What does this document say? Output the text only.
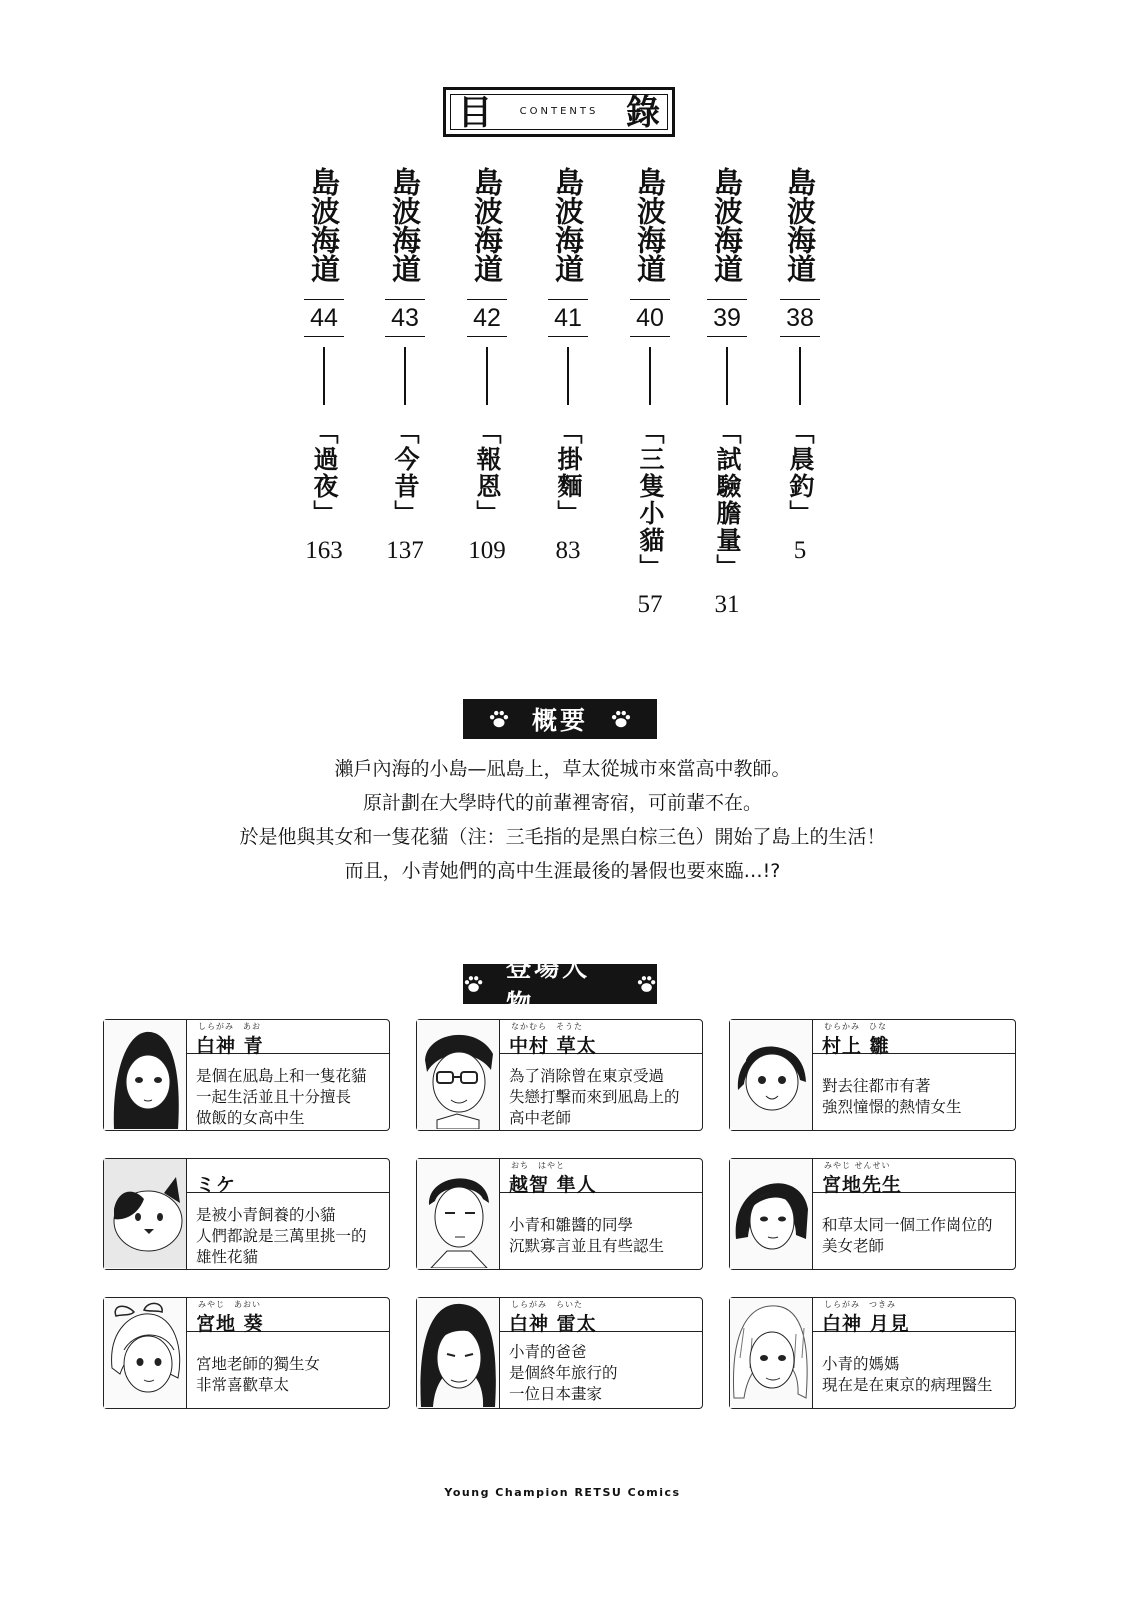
目	CONTENTS 錄
島波海道
44
「過夜」
163
島波海道
43
「今昔」
137
島波海道
42
「報恩」
109
島波海道
41
「掛麵」
83
島波海道
40
「三隻小貓」
57
島波海道
39
「試驗膽量」
31
島波海道
38
「晨釣」
5
概要
瀨戶內海的小島—凪島上，草太從城市來當高中教師。
原計劃在大學時代的前輩裡寄宿，可前輩不在。
於是他與其女和一隻花貓（注：三毛指的是黑白棕三色）開始了島上的生活！
而且，小青她們的高中生涯最後的暑假也要來臨…!?
登場人物
しらがみ　あお
白神 青
是個在凪島上和一隻花貓
一起生活並且十分擅長
做飯的女高中生
なかむら　そうた
中村 草太
為了消除曾在東京受過
失戀打擊而來到凪島上的
高中老師
むらかみ　ひな
村上 雛
對去往都市有著
強烈憧憬的熱情女生
ミケ
是被小青飼養的小貓
人們都說是三萬里挑一的
雄性花貓
おち　はやと
越智 隼人
小青和雛醬的同學
沉默寡言並且有些認生
みやじ せんせい
宮地先生
和草太同一個工作崗位的
美女老師
みやじ　あおい
宮地 葵
宮地老師的獨生女
非常喜歡草太
しらがみ　らいた
白神 雷太
小青的爸爸
是個終年旅行的
一位日本畫家
しらがみ　つきみ
白神 月見
小青的媽媽
現在是在東京的病理醫生
Young Champion RETSU Comics
